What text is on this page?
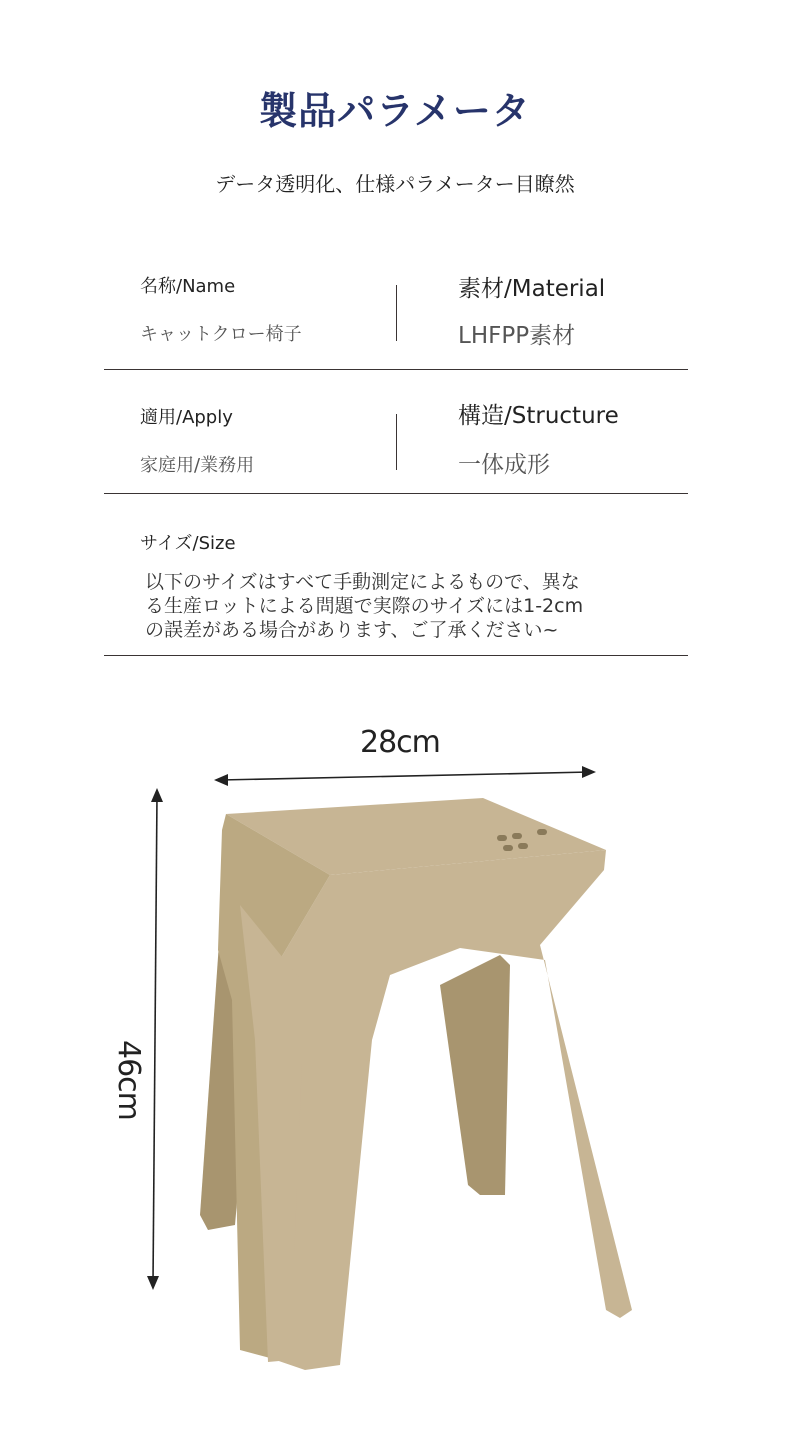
製品パラメータ
データ透明化、仕様パラメーター目瞭然
名称/Name
キャットクロー椅子
素材/Material
LHFPP素材
適用/Apply
家庭用/業務用
構造/Structure
一体成形
サイズ/Size
以下のサイズはすべて手動測定によるもので、異な
る生産ロットによる問題で実際のサイズには1-2cm
の誤差がある場合があります、ご了承ください~
28cm
46cm
